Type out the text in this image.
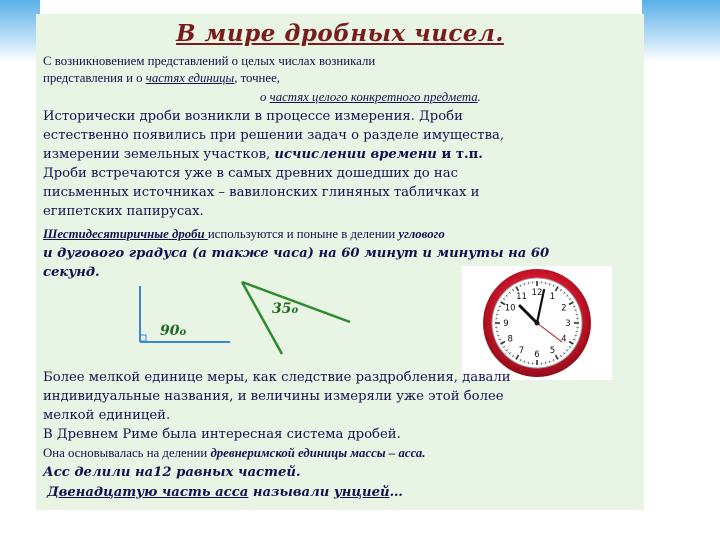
В мире дробных чисел.
С возникновением представлений о целых числах возникали
представления и о частях единицы, точнее,
о частях целого конкретного предмета.
Исторически дроби возникли в процессе измерения. Дроби
естественно появились при решении задач о разделе имущества,
измерении земельных участков, исчислении времени и т.п.
Дроби встречаются уже в самых древних дошедших до нас
письменных источниках – вавилонских глиняных табличках и
египетских папирусах.
Шестидесятиричные дроби используются и поныне в делении углового
и дугового градуса (а также часа) на 60 минут и минуты на 60
секунд.
90о
35о
1
2
3
4
5
6
7
8
9
10
11 12
Более мелкой единице меры, как следствие раздробления, давали
индивидуальные названия, и величины измеряли уже этой более
мелкой единицей.
В Древнем Риме была интересная система дробей.
Она основывалась на делении древнеримской единицы массы – асса.
Асс делили на12 равных частей.
Двенадцатую часть асса называли унцией…
